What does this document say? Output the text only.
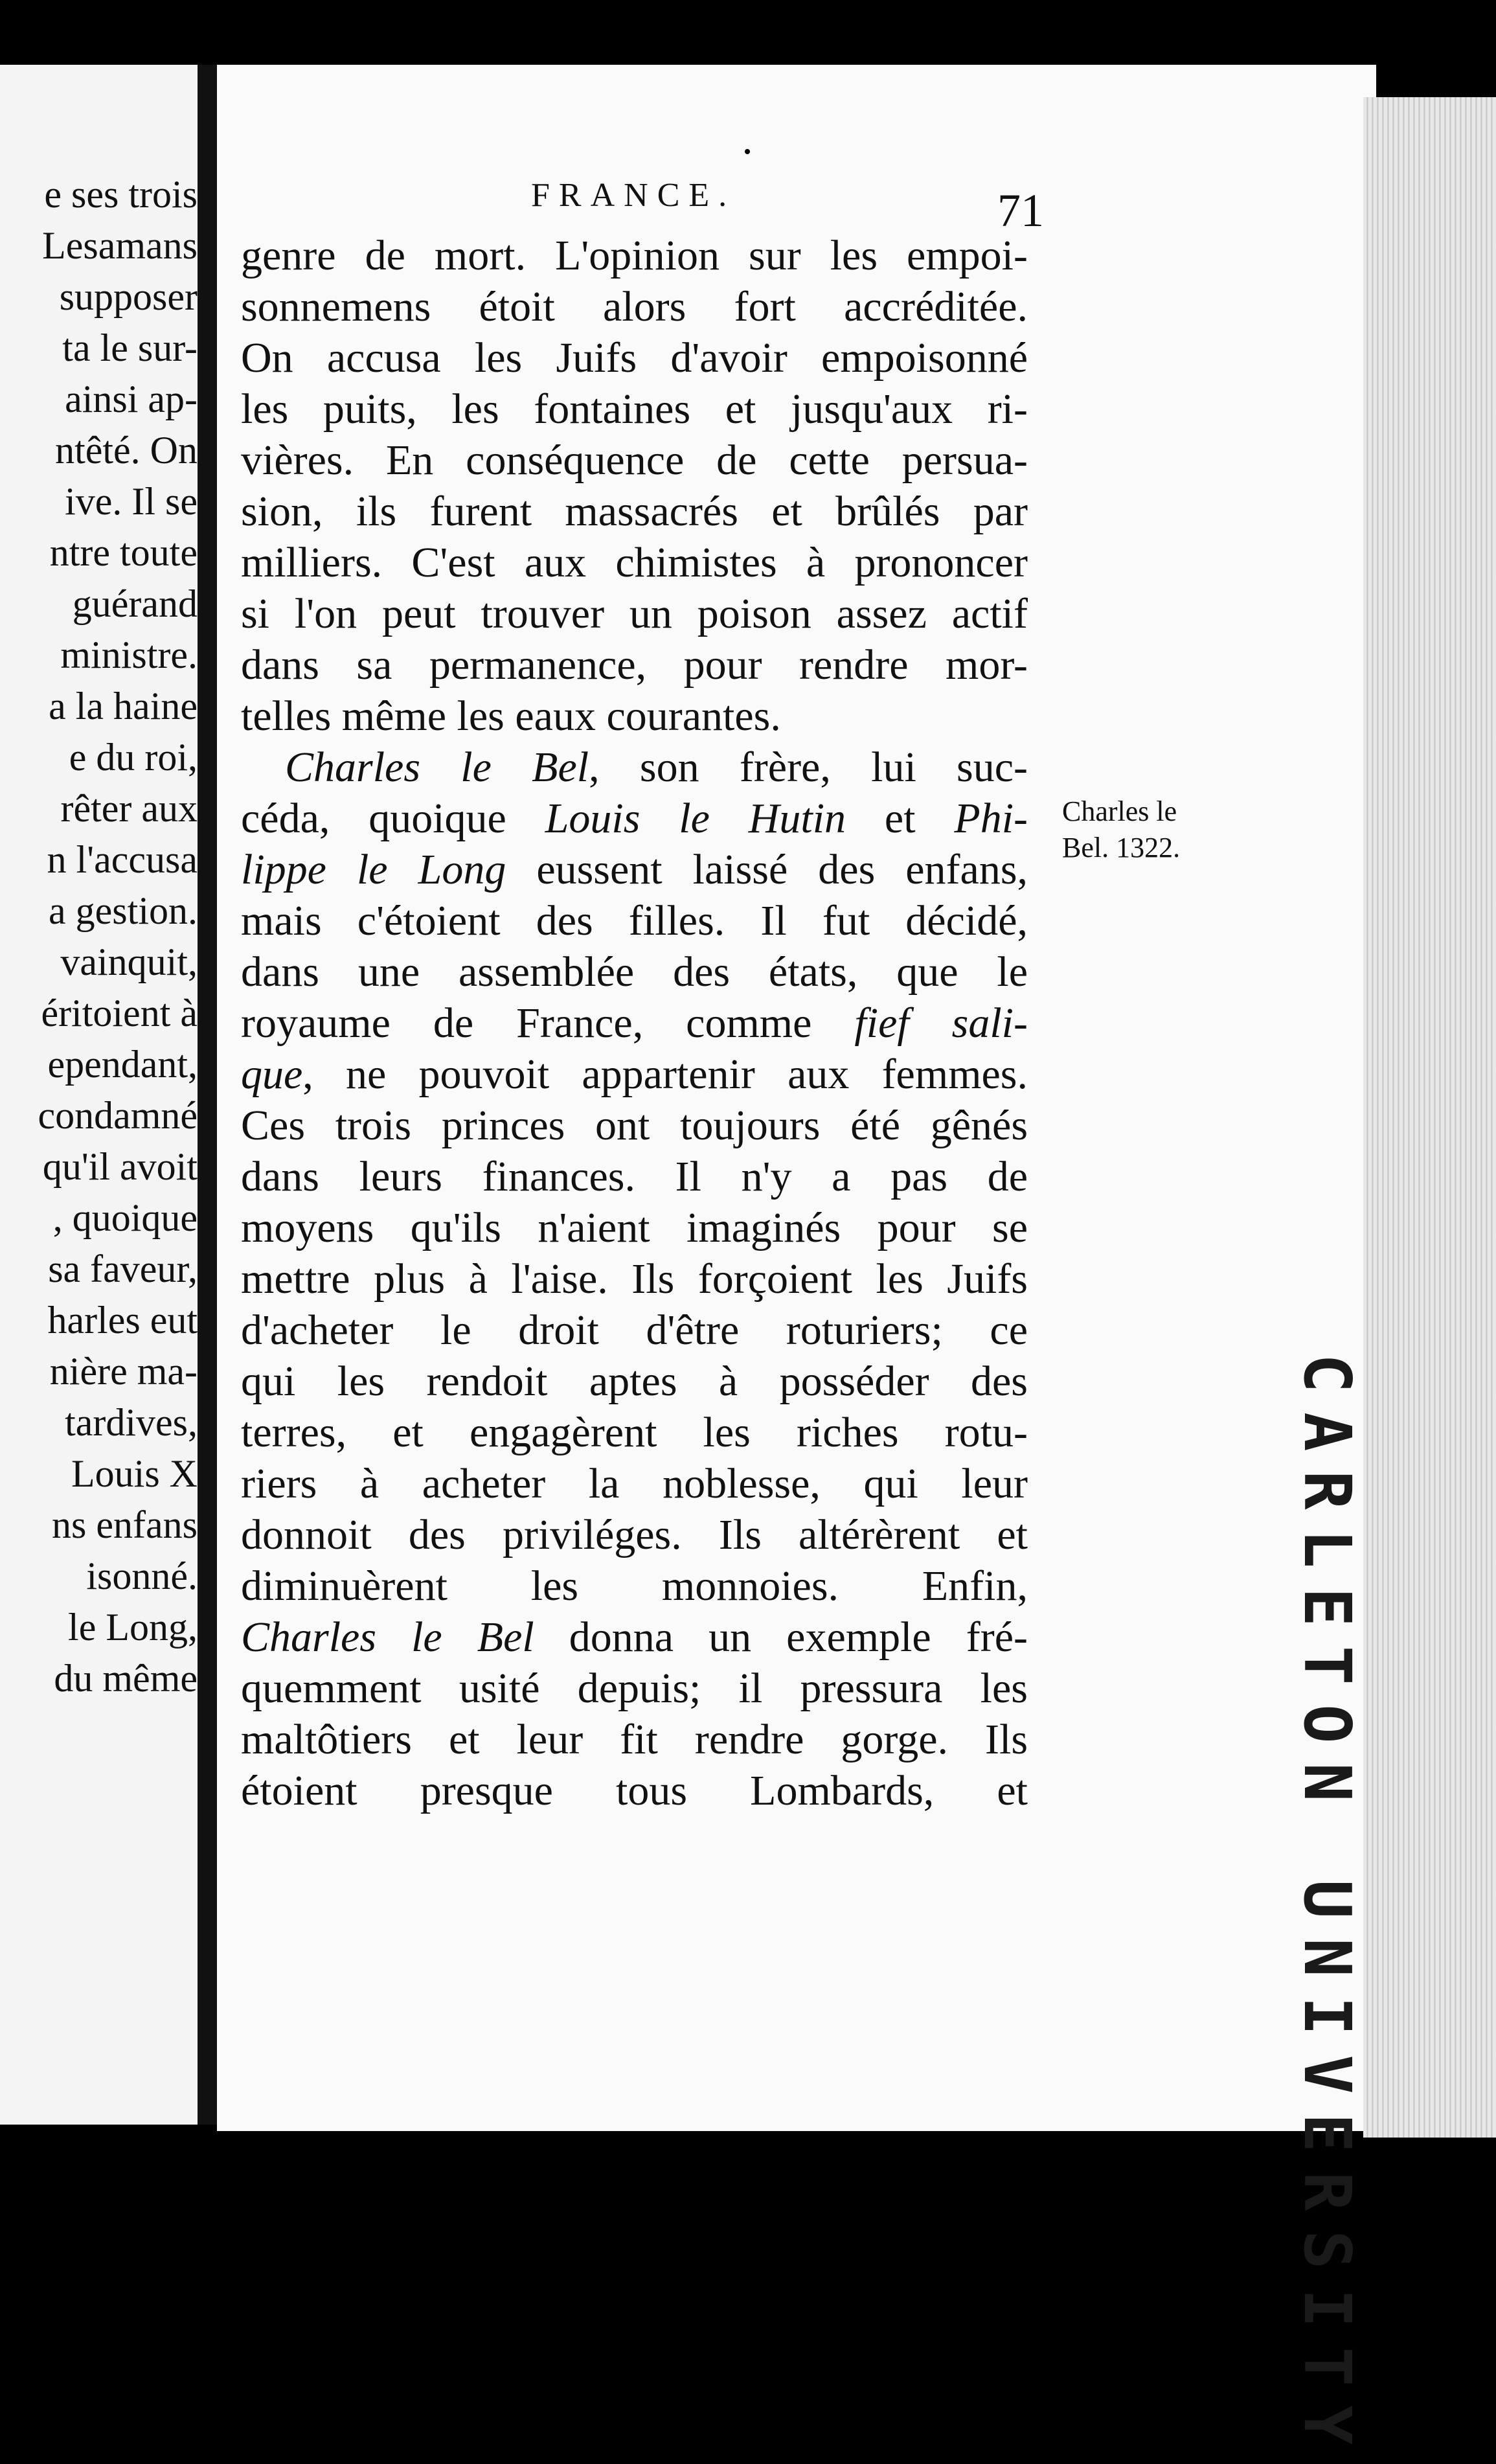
e ses trois
Lesamans
supposer
ta le sur-
ainsi ap-
ntêté. On
ive. Il se
ntre toute
guérand
ministre.
a la haine
e du roi,
rêter aux
n l'accusa
a gestion.
vainquit,
éritoient à
ependant,
condamné
qu'il avoit
, quoique
sa faveur,
harles eut
nière ma-
tardives,
Louis X
ns enfans
isonné.
le Long,
du même
FRANCE.	71
genre de mort. L'opinion sur les empoi-
sonnemens étoit alors fort accréditée.
On accusa les Juifs d'avoir empoisonné
les puits, les fontaines et jusqu'aux ri-
vières. En conséquence de cette persua-
sion, ils furent massacrés et brûlés par
milliers. C'est aux chimistes à prononcer
si l'on peut trouver un poison assez actif
dans sa permanence, pour rendre mor-
telles même les eaux courantes.
Charles le Bel, son frère, lui suc-
céda, quoique Louis le Hutin et Phi-
lippe le Long eussent laissé des enfans,
mais c'étoient des filles. Il fut décidé,
dans une assemblée des états, que le
royaume de France, comme fief sali-
que, ne pouvoit appartenir aux femmes.
Ces trois princes ont toujours été gênés
dans leurs finances. Il n'y a pas de
moyens qu'ils n'aient imaginés pour se
mettre plus à l'aise. Ils forçoient les Juifs
d'acheter le droit d'être roturiers; ce
qui les rendoit aptes à posséder des
terres, et engagèrent les riches rotu-
riers à acheter la noblesse, qui leur
donnoit des priviléges. Ils altérèrent et
diminuèrent les monnoies. Enfin,
Charles le Bel donna un exemple fré-
quemment usité depuis; il pressura les
maltôtiers et leur fit rendre gorge. Ils
étoient presque tous Lombards, et
Charles le
Bel. 1322.
CARLETON UNIVERSITY
